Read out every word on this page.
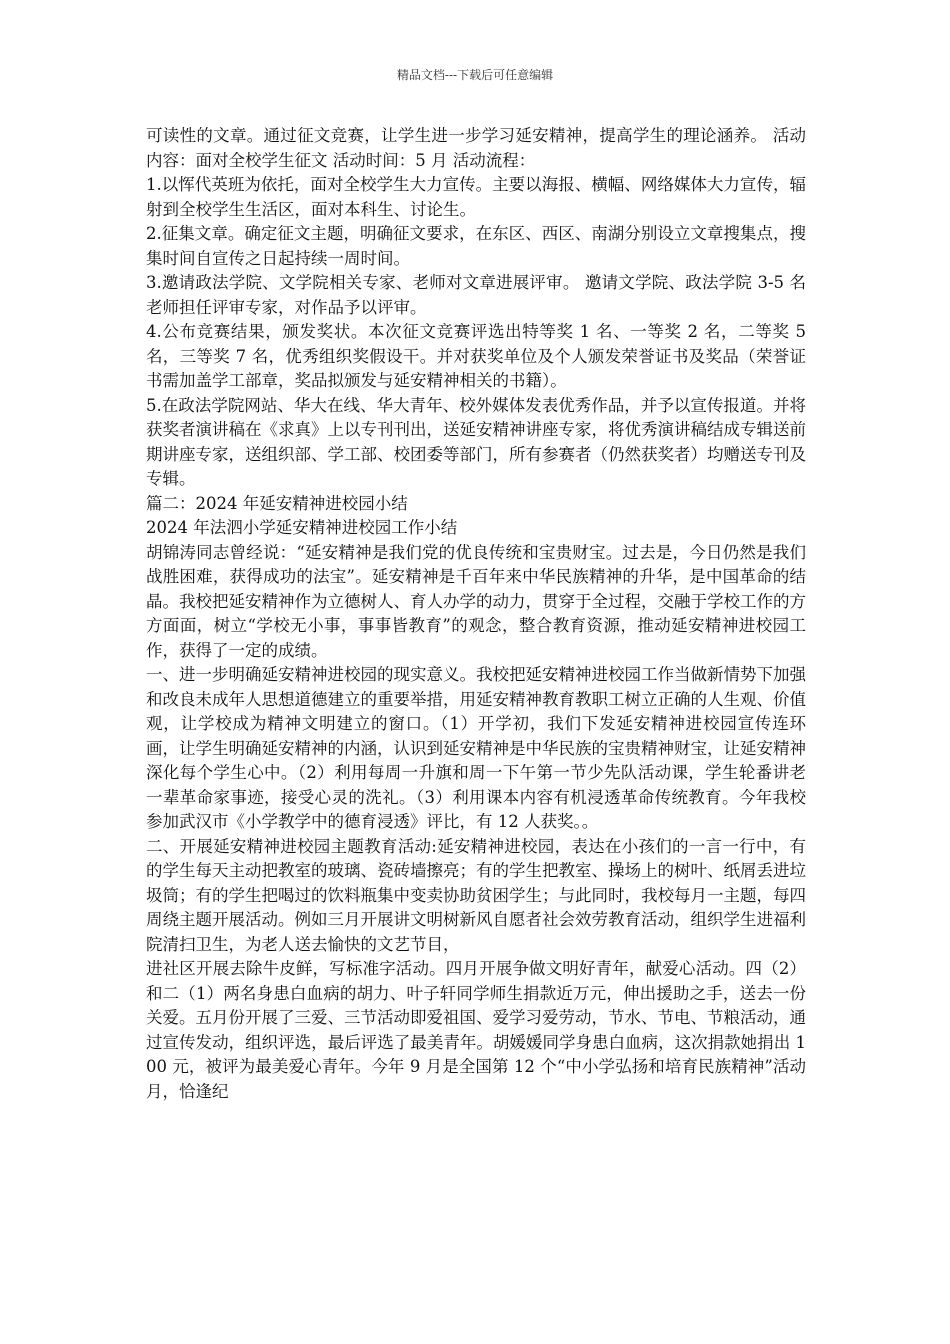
精品文档---下载后可任意编辑

可读性的文章。通过征文竞赛，让学生进一步学习延安精神，提高学生的理论涵养。 活动内容：面对全校学生征文 活动时间：5 月 活动流程：

1.以恽代英班为依托，面对全校学生大力宣传。主要以海报、横幅、网络媒体大力宣传，辐射到全校学生生活区，面对本科生、讨论生。

2.征集文章。确定征文主题，明确征文要求，在东区、西区、南湖分别设立文章搜集点，搜集时间自宣传之日起持续一周时间。

3.邀请政法学院、文学院相关专家、老师对文章进展评审。 邀请文学院、政法学院 3-5 名老师担任评审专家，对作品予以评审。

4.公布竞赛结果，颁发奖状。本次征文竞赛评选出特等奖 1 名、一等奖 2 名，二等奖 5 名，三等奖 7 名，优秀组织奖假设干。并对获奖单位及个人颁发荣誉证书及奖品（荣誉证书需加盖学工部章，奖品拟颁发与延安精神相关的书籍）。

5.在政法学院网站、华大在线、华大青年、校外媒体发表优秀作品，并予以宣传报道。并将获奖者演讲稿在《求真》上以专刊刊出，送延安精神讲座专家，将优秀演讲稿结成专辑送前期讲座专家，送组织部、学工部、校团委等部门，所有参赛者（仍然获奖者）均赠送专刊及专辑。

篇二：2024 年延安精神进校园小结

2024 年法泗小学延安精神进校园工作小结

胡锦涛同志曾经说：“延安精神是我们党的优良传统和宝贵财宝。过去是，今日仍然是我们战胜困难，获得成功的法宝”。延安精神是千百年来中华民族精神的升华，是中国革命的结晶。我校把延安精神作为立德树人、育人办学的动力，贯穿于全过程，交融于学校工作的方方面面，树立“学校无小事，事事皆教育”的观念，整合教育资源，推动延安精神进校园工作，获得了一定的成绩。

一、进一步明确延安精神进校园的现实意义。我校把延安精神进校园工作当做新情势下加强和改良未成年人思想道德建立的重要举措，用延安精神教育教职工树立正确的人生观、价值观，让学校成为精神文明建立的窗口。（1）开学初，我们下发延安精神进校园宣传连环画，让学生明确延安精神的内涵，认识到延安精神是中华民族的宝贵精神财宝，让延安精神深化每个学生心中。（2）利用每周一升旗和周一下午第一节少先队活动课，学生轮番讲老一辈革命家事迹，接受心灵的洗礼。（3）利用课本内容有机浸透革命传统教育。今年我校参加武汉市《小学教学中的德育浸透》评比，有 12 人获奖。。

二、开展延安精神进校园主题教育活动:延安精神进校园，表达在小孩们的一言一行中，有的学生每天主动把教室的玻璃、瓷砖墙擦亮；有的学生把教室、操场上的树叶、纸屑丢进垃圾筒；有的学生把喝过的饮料瓶集中变卖协助贫困学生；与此同时，我校每月一主题，每四周绕主题开展活动。例如三月开展讲文明树新风自愿者社会效劳教育活动，组织学生进福利院清扫卫生，为老人送去愉快的文艺节目，

进社区开展去除牛皮鲜，写标准字活动。四月开展争做文明好青年，献爱心活动。四（2）和二（1）两名身患白血病的胡力、叶子轩同学师生捐款近万元，伸出援助之手，送去一份关爱。五月份开展了三爱、三节活动即爱祖国、爱学习爱劳动，节水、节电、节粮活动，通过宣传发动，组织评选，最后评选了最美青年。胡媛媛同学身患白血病，这次捐款她捐出 100 元，被评为最美爱心青年。今年 9 月是全国第 12 个“中小学弘扬和培育民族精神”活动月，恰逢纪
